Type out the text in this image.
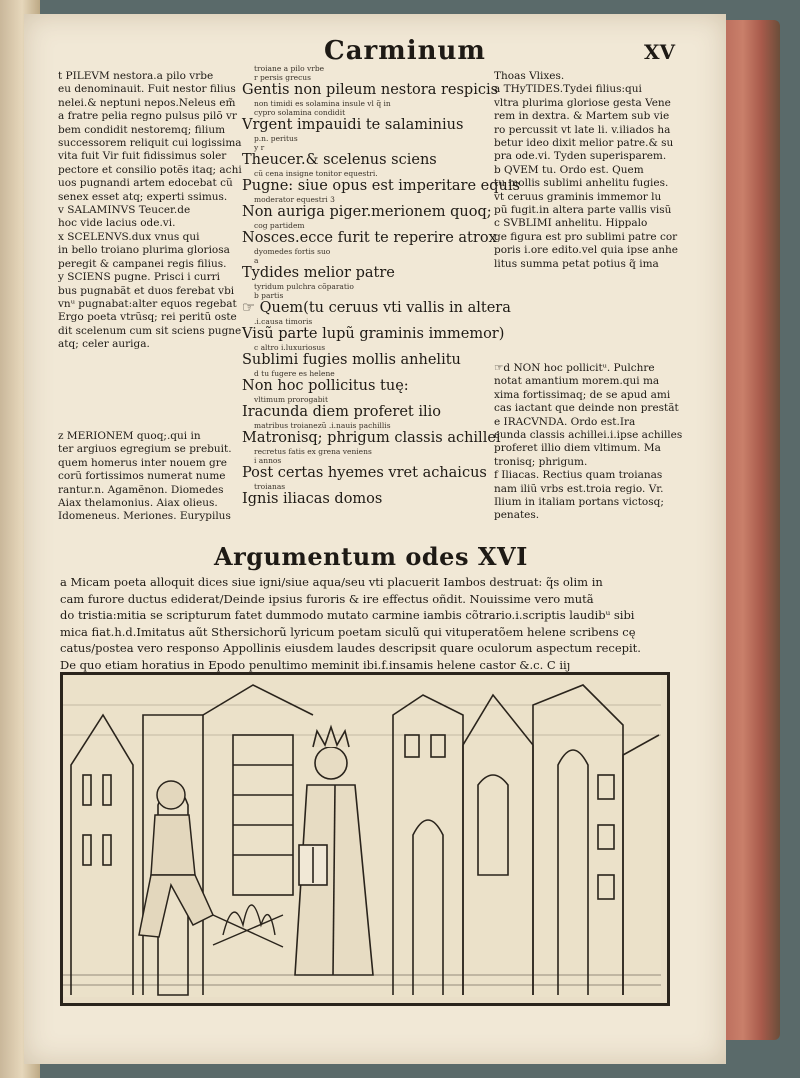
Carminum	XV

t PILEVM nestora.a pilo vrbe

eu denominauit. Fuit nestor filius

nelei.& neptuni nepos.Neleus em̃

a fratre pelia regno pulsus pilõ vr

bem condidit nestoremq; filium

successorem reliquit cui logissima

vita fuit Vir fuit fidissimus soler

pectore et consilio potẽs itaq; achi

uos pugnandi artem edocebat cũ

senex esset atq; experti ssimus.

v SALAMINVS Teucer.de

hoc vide lacius ode.vi.

x SCELENVS.dux vnus qui

in bello troiano plurima gloriosa

peregit & campanei regis filius.

y SCIENS pugne. Prisci i curri

bus pugnabãt et duos ferebat vbi

vnᵘ pugnabat:alter equos regebat

Ergo poeta vtrũsq; rei peritũ oste

dit scelenum cum sit sciens pugne

atq; celer auriga.

z MERIONEM quoq;.qui in

ter argiuos egregium se prebuit.

quem homerus inter nouem gre

corũ fortissimos numerat nume

rantur.n. Agamẽnon. Diomedes

Aiax thelamonius. Aiax olieus.

Idomeneus. Meriones. Eurypilus

troiane a pilo vrbe
r persis grecus
Gentis non pileum nestora respicis
non timidi es solamina insule vl q̃ in
cypro solamina condidit
Vrgent impauidi te salaminius
p.n. peritus
y r
Theucer.& scelenus sciens
cũ cena insigne tonitor equestri.
Pugne: siue opus est imperitare equis
moderator equestri 3
Non auriga piger.merionem quoq;
cog partidem
Nosces.ecce furit te reperire atrox
dyomedes fortis suo
a
Tydides melior patre
tyridum pulchra cõparatio
b partis
☞ Quem(tu ceruus vti vallis in altera
.i.causa timoris
Visũ parte lupũ graminis immemor)
c altro i.luxuriosus
Sublimi fugies mollis anhelitu
d tu fugere es helene
Non hoc pollicitus tuę:
vltimum prorogabit
Iracunda diem proferet ilio
matribus troianezũ .i.nauis pachillis
Matronisq; phrigum classis achillei
recretus fatis ex grena veniens
i annos
Post certas hyemes vret achaicus
troianas
Ignis iliacas domos

Thoas Vlixes.

a THyTIDES.Tydei filius:qui

vltra plurima gloriose gesta Vene

rem in dextra. & Martem sub vie

ro percussit vt late li. v.iliados ha

betur ideo dixit melior patre.& su

pra ode.vi. Tyden superisparem.

b QVEM tu. Ordo est. Quem

tu mollis sublimi anhelitu fugies.

vt ceruus graminis immemor lu

pũ fugit.in altera parte vallis visũ

c SVBLIMI anhelitu. Hippalo

ge figura est pro sublimi patre cor

poris i.ore edito.vel quia ipse anhe

litus summa petat potius q̃ ima

☞d NON hoc pollicitᵘ. Pulchre

notat amantium morem.qui ma

xima fortissimaq; de se apud ami

cas iactant que deinde non prestãt

e IRACVNDA. Ordo est.Ira

cunda classis achillei.i.ipse achilles

proferet illio diem vltimum. Ma

tronisq; phrigum.

f Iliacas. Rectius quam troianas

nam iliũ vrbs est.troia regio. Vr.

Ilium in italiam portans victosq;

penates.

Argumentum odes XVI

a Micam poeta alloquit dices siue igni/siue aqua/seu vti placuerit Iambos destruat: q̃s olim in

cam furore ductus ediderat/Deinde ipsius furoris & ire effectus oñdit. Nouissime vero mutã

do tristia:mitia se scripturum fatet dummodo mutato carmine iambis cõtrario.i.scriptis laudibᵘ sibi

mica fiat.h.d.Imitatus aũt Sthersichorũ lyricum poetam siculũ qui vituperatõem helene scribens cę

catus/postea vero responso Appollinis eiusdem laudes descripsit quare oculorum aspectum recepit.

De quo etiam horatius in Epodo penultimo meminit ibi.f.insamis helene castor &.c. C iiȷ
